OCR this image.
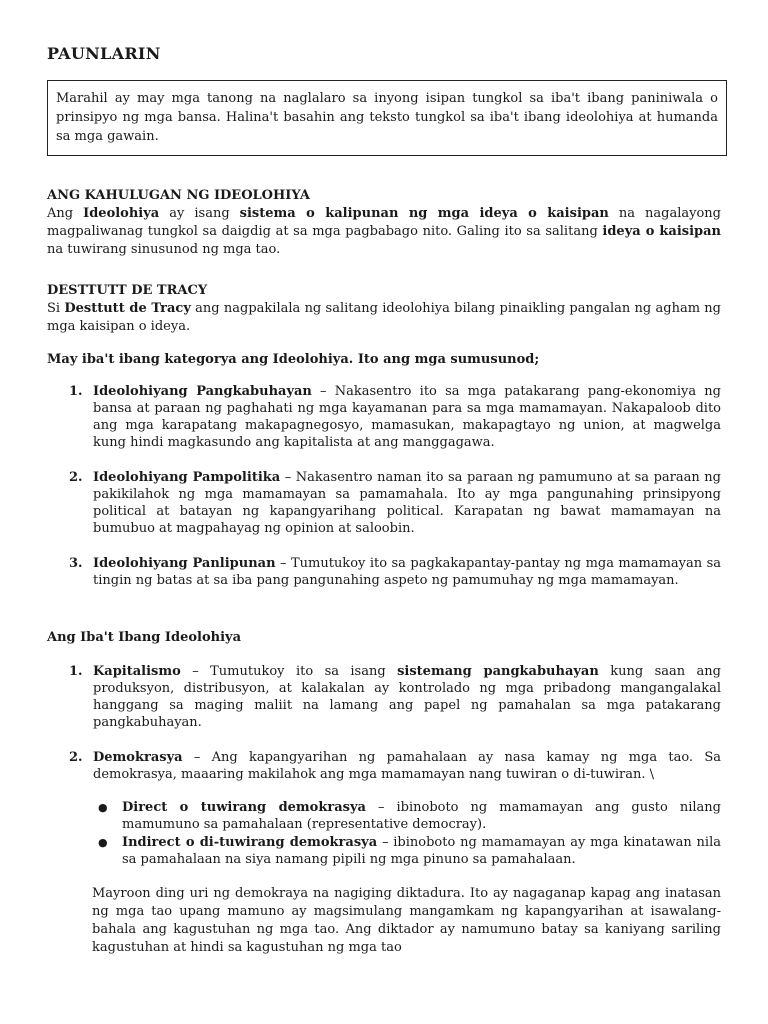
PAUNLARIN
Marahil ay may mga tanong na naglalaro sa inyong isipan tungkol sa iba't ibang paniniwala o prinsipyo ng mga bansa. Halina't basahin ang teksto tungkol sa iba't ibang ideolohiya at humanda sa mga gawain.
ANG KAHULUGAN NG IDEOLOHIYA
Ang Ideolohiya ay isang sistema o kalipunan ng mga ideya o kaisipan na nagalayong magpaliwanag tungkol sa daigdig at sa mga pagbabago nito. Galing ito sa salitang ideya o kaisipan na tuwirang sinusunod ng mga tao.
DESTTUTT DE TRACY
Si Desttutt de Tracy ang nagpakilala ng salitang ideolohiya bilang pinaikling pangalan ng agham ng mga kaisipan o ideya.
May iba't ibang kategorya ang Ideolohiya. Ito ang mga sumusunod;
1. Ideolohiyang Pangkabuhayan – Nakasentro ito sa mga patakarang pang-ekonomiya ng bansa at paraan ng paghahati ng mga kayamanan para sa mga mamamayan. Nakapaloob dito ang mga karapatang makapagnegosyo, mamasukan, makapagtayo ng union, at magwelga kung hindi magkasundo ang kapitalista at ang manggagawa.
2. Ideolohiyang Pampolitika – Nakasentro naman ito sa paraan ng pamumuno at sa paraan ng pakikilahok ng mga mamamayan sa pamamahala. Ito ay mga pangunahing prinsipyong political at batayan ng kapangyarihang political. Karapatan ng bawat mamamayan na bumubuo at magpahayag ng opinion at saloobin.
3. Ideolohiyang Panlipunan – Tumutukoy ito sa pagkakapantay-pantay ng mga mamamayan sa tingin ng batas at sa iba pang pangunahing aspeto ng pamumuhay ng mga mamamayan.
Ang Iba't Ibang Ideolohiya
1. Kapitalismo – Tumutukoy ito sa isang sistemang pangkabuhayan kung saan ang produksyon, distribusyon, at kalakalan ay kontrolado ng mga pribadong mangangalakal hanggang sa maging maliit na lamang ang papel ng pamahalan sa mga patakarang pangkabuhayan.
2. Demokrasya – Ang kapangyarihan ng pamahalaan ay nasa kamay ng mga tao. Sa demokrasya, maaaring makilahok ang mga mamamayan nang tuwiran o di-tuwiran. \
● Direct o tuwirang demokrasya – ibinoboto ng mamamayan ang gusto nilang mamumuno sa pamahalaan (representative democray).
● Indirect o di-tuwirang demokrasya – ibinoboto ng mamamayan ay mga kinatawan nila sa pamahalaan na siya namang pipili ng mga pinuno sa pamahalaan.
Mayroon ding uri ng demokraya na nagiging diktadura. Ito ay nagaganap kapag ang inatasan ng mga tao upang mamuno ay magsimulang mangamkam ng kapangyarihan at isawalang-bahala ang kagustuhan ng mga tao. Ang diktador ay namumuno batay sa kaniyang sariling kagustuhan at hindi sa kagustuhan ng mga tao
